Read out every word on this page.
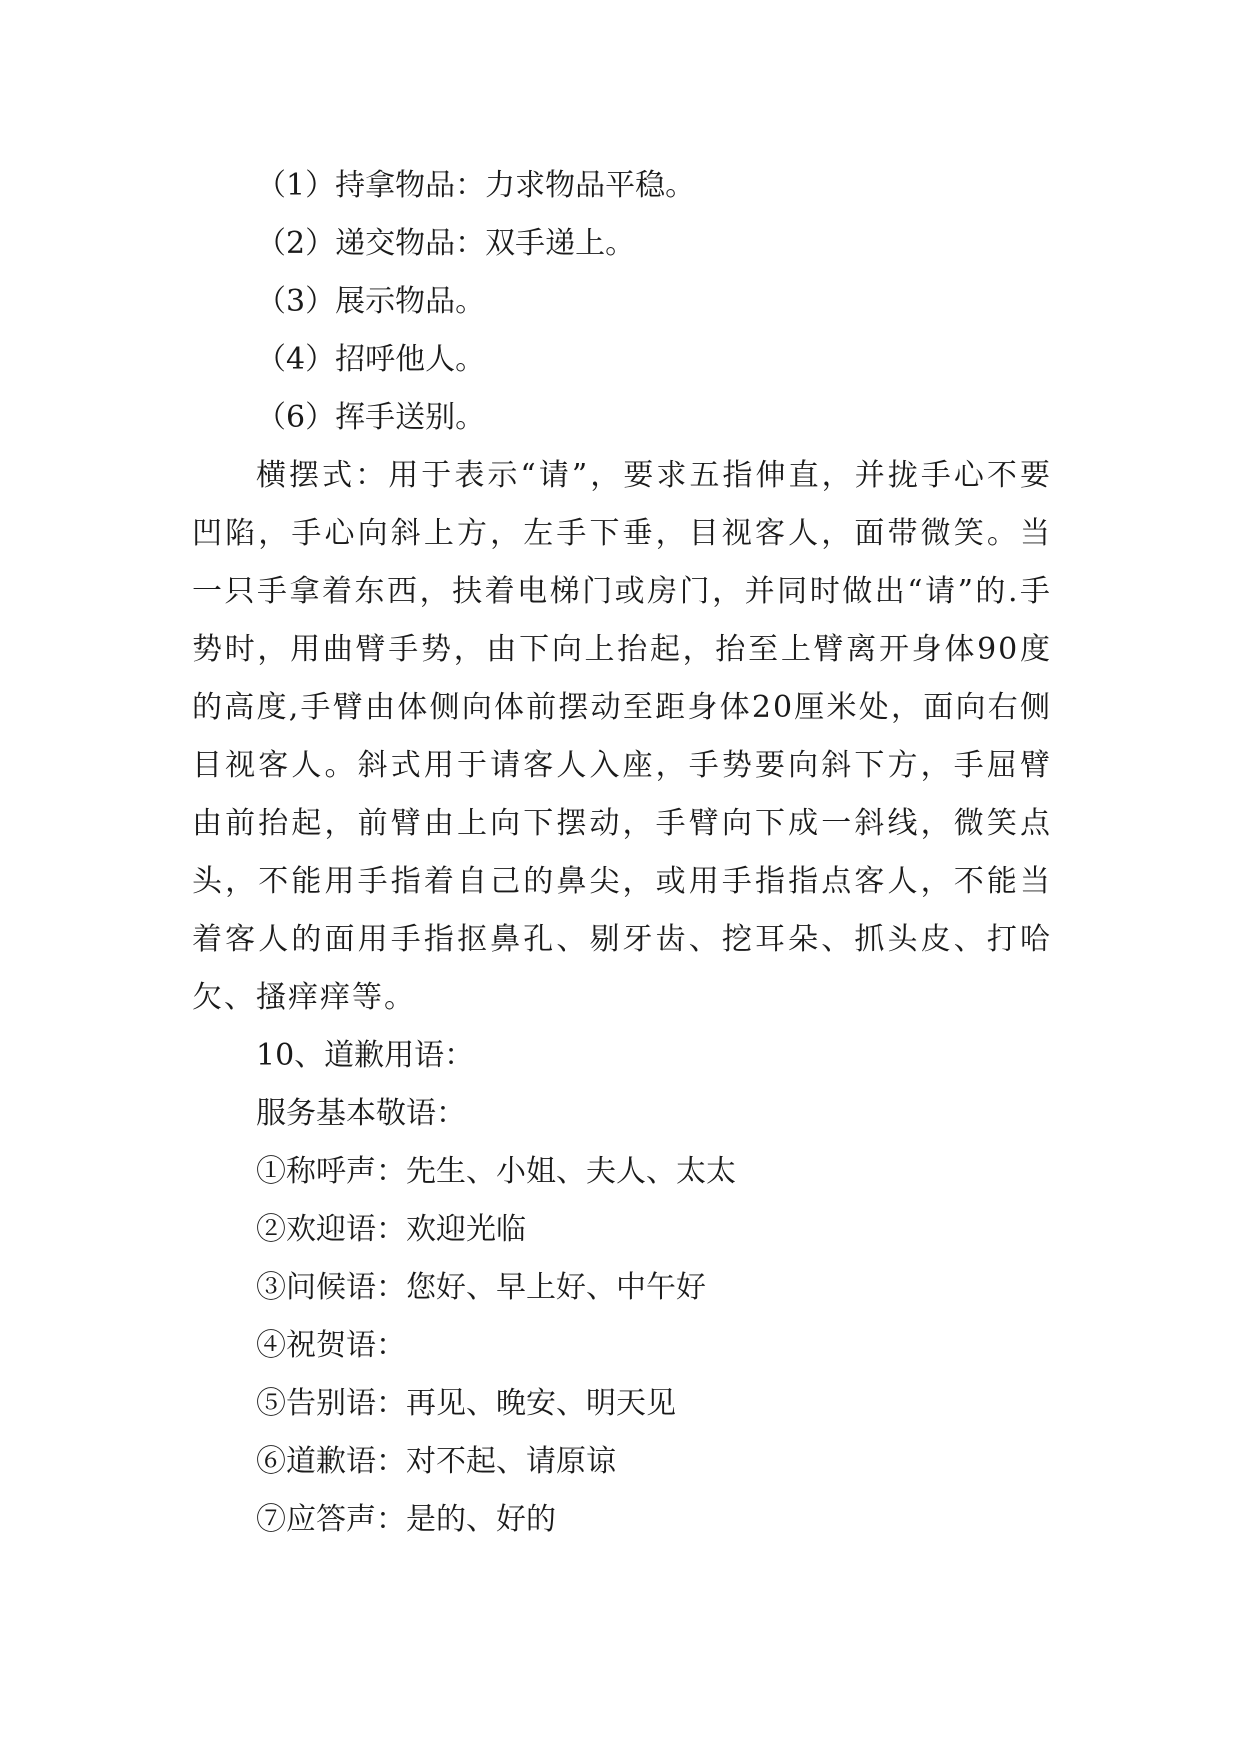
（1）持拿物品：力求物品平稳。
（2）递交物品：双手递上。
（3）展示物品。
（4）招呼他人。
（6）挥手送别。

横摆式：用于表示“请”，要求五指伸直，并拢手心不要凹陷，手心向斜上方，左手下垂，目视客人，面带微笑。当一只手拿着东西，扶着电梯门或房门，并同时做出“请”的.手势时，用曲臂手势，由下向上抬起，抬至上臂离开身体90度的高度,手臂由体侧向体前摆动至距身体20厘米处，面向右侧目视客人。斜式用于请客人入座，手势要向斜下方，手屈臂由前抬起，前臂由上向下摆动，手臂向下成一斜线，微笑点头，不能用手指着自己的鼻尖，或用手指指点客人，不能当着客人的面用手指抠鼻孔、剔牙齿、挖耳朵、抓头皮、打哈欠、搔痒痒等。

10、道歉用语：
服务基本敬语：
①称呼声：先生、小姐、夫人、太太
②欢迎语：欢迎光临
③问候语：您好、早上好、中午好
④祝贺语：
⑤告别语：再见、晚安、明天见
⑥道歉语：对不起、请原谅
⑦应答声：是的、好的
